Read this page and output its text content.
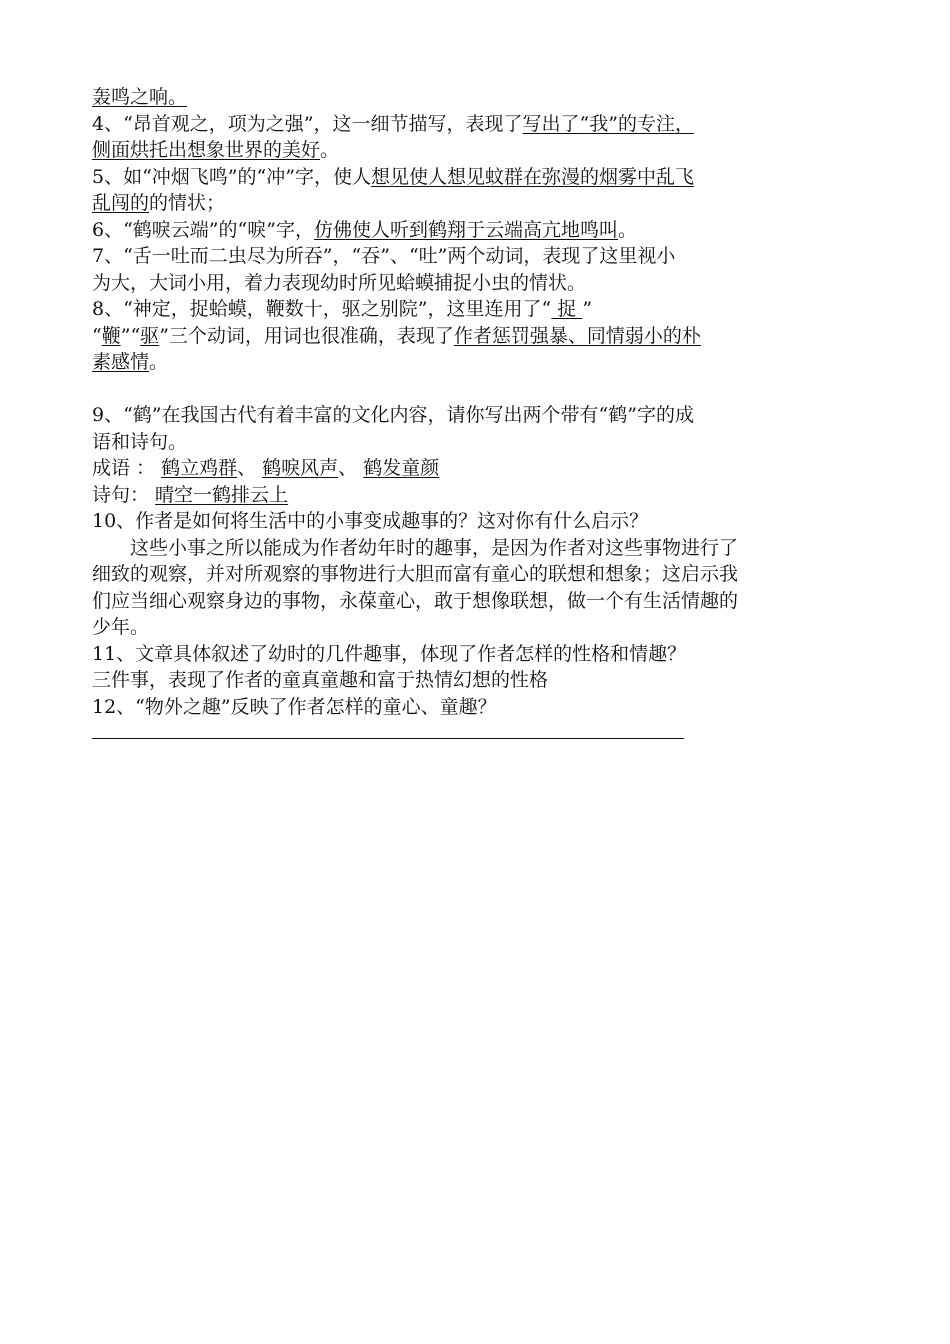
轰鸣之响。
4、“昂首观之，项为之强”，这一细节描写，表现了写出了“我”的专注，
侧面烘托出想象世界的美好。
5、如“冲烟飞鸣”的“冲”字，使人想见使人想见蚊群在弥漫的烟雾中乱飞
乱闯的的情状；
6、“鹤唳云端”的“唳”字，仿佛使人听到鹤翔于云端高亢地鸣叫。
7、“舌一吐而二虫尽为所吞”，“吞”、“吐”两个动词，表现了这里视小
为大，大词小用，着力表现幼时所见蛤蟆捕捉小虫的情状。
8、“神定，捉蛤蟆，鞭数十，驱之别院”，这里连用了“ 捉 ”
“鞭”“驱”三个动词，用词也很准确，表现了作者惩罚强暴、同情弱小的朴
素感情。
9、“鹤”在我国古代有着丰富的文化内容，请你写出两个带有“鹤”字的成
语和诗句。
成语 ： 鹤立鸡群、 鹤唳风声、 鹤发童颜
诗句： 晴空一鹤排云上
10、作者是如何将生活中的小事变成趣事的？这对你有什么启示？
这些小事之所以能成为作者幼年时的趣事，是因为作者对这些事物进行了
细致的观察，并对所观察的事物进行大胆而富有童心的联想和想象；这启示我
们应当细心观察身边的事物，永葆童心，敢于想像联想，做一个有生活情趣的
少年。
11、文章具体叙述了幼时的几件趣事，体现了作者怎样的性格和情趣？
三件事，表现了作者的童真童趣和富于热情幻想的性格
12、“物外之趣”反映了作者怎样的童心、童趣？
